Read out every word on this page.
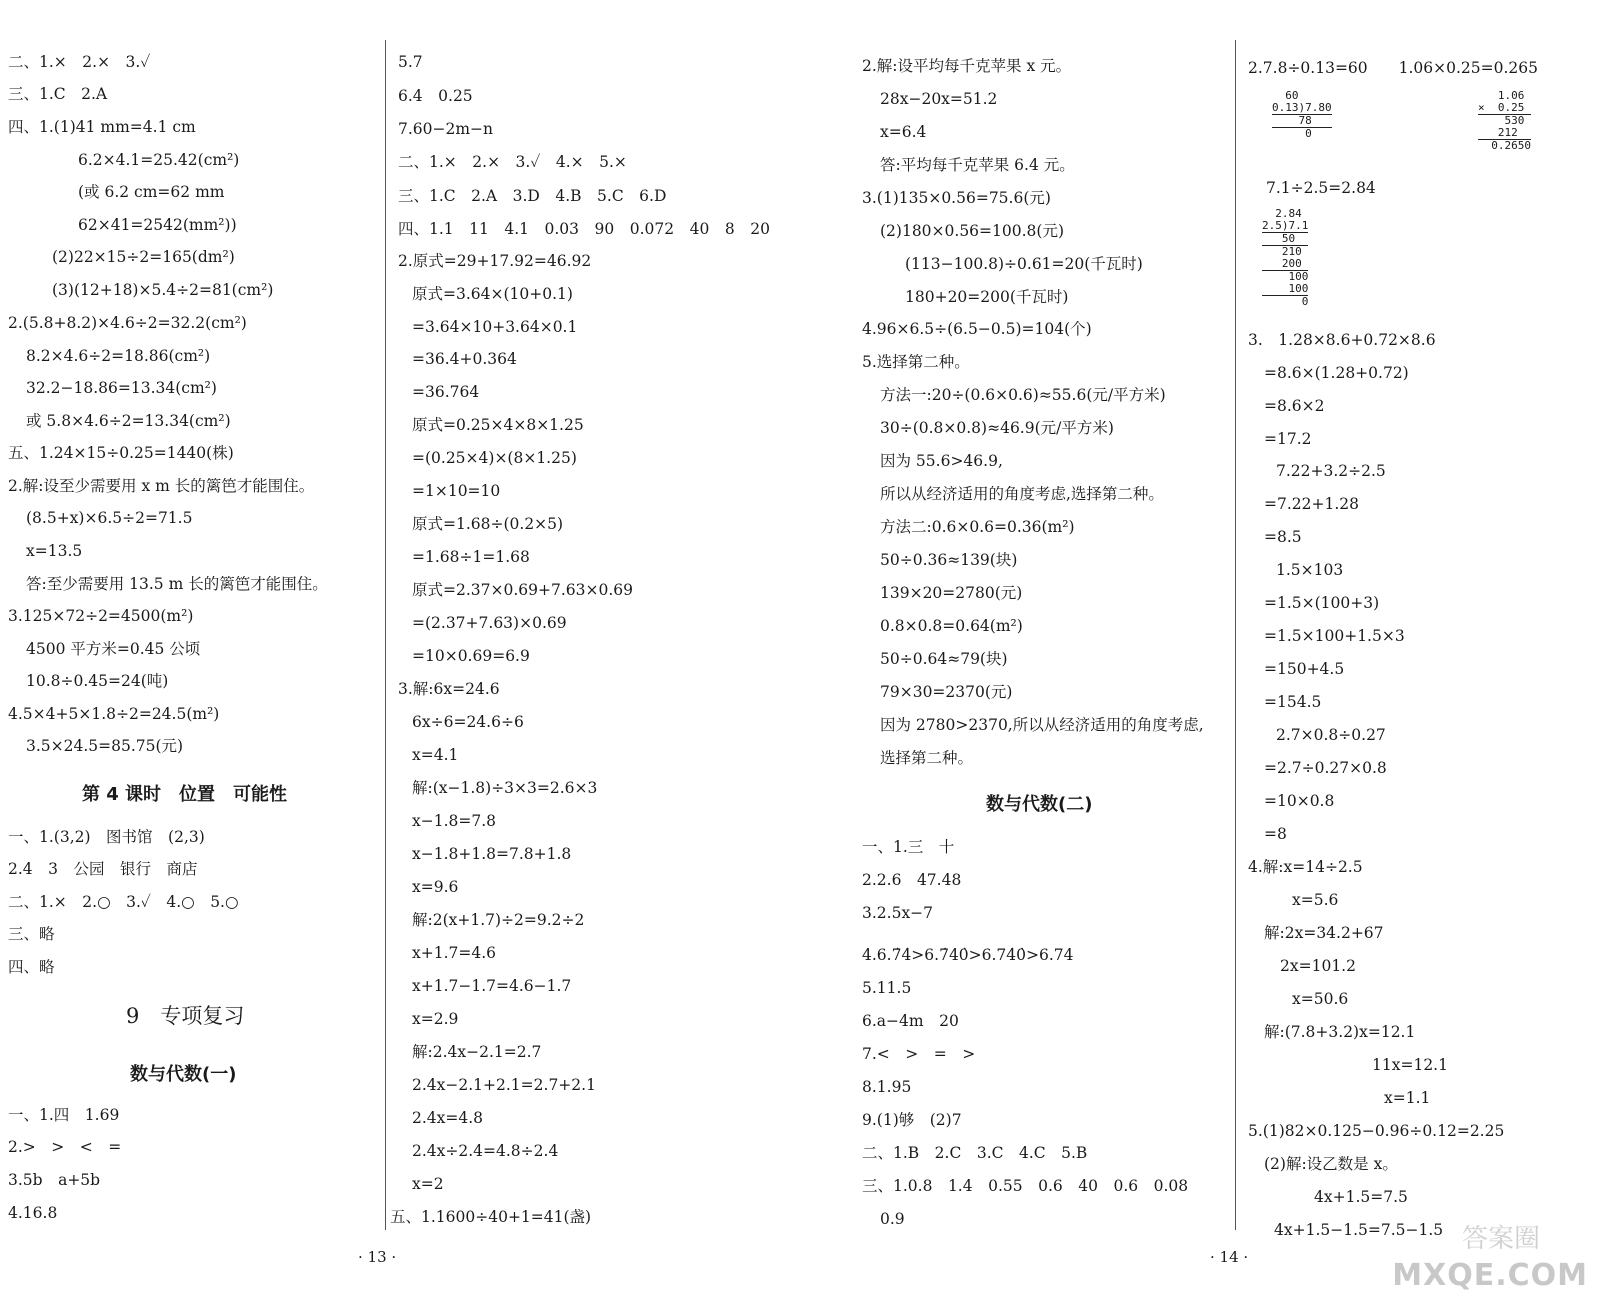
二、1.×　2.×　3.✓
三、1.C　2.A
四、1.(1)41 mm=4.1 cm
6.2×4.1=25.42(cm²)
(或 6.2 cm=62 mm
62×41=2542(mm²))
(2)22×15÷2=165(dm²)
(3)(12+18)×5.4÷2=81(cm²)
2.(5.8+8.2)×4.6÷2=32.2(cm²)
8.2×4.6÷2=18.86(cm²)
32.2−18.86=13.34(cm²)
或 5.8×4.6÷2=13.34(cm²)
五、1.24×15÷0.25=1440(株)
2.解:设至少需要用 x m 长的篱笆才能围住。
(8.5+x)×6.5÷2=71.5
x=13.5
答:至少需要用 13.5 m 长的篱笆才能围住。
3.125×72÷2=4500(m²)
4500 平方米=0.45 公顷
10.8÷0.45=24(吨)
4.5×4+5×1.8÷2=24.5(m²)
3.5×24.5=85.75(元)
第 4 课时　位置　可能性
一、1.(3,2)　图书馆　(2,3)
2.4　3　公园　银行　商店
二、1.×　2.○　3.✓　4.○　5.○
三、略
四、略
9　专项复习
数与代数(一)
一、1.四　1.69
2.>　>　<　=
3.5b　a+5b
4.16.8
5.7
6.4　0.25
7.60−2m−n
二、1.×　2.×　3.✓　4.×　5.×
三、1.C　2.A　3.D　4.B　5.C　6.D
四、1.1　11　4.1　0.03　90　0.072　40　8　20
2.原式=29+17.92=46.92
原式=3.64×(10+0.1)
=3.64×10+3.64×0.1
=36.4+0.364
=36.764
原式=0.25×4×8×1.25
=(0.25×4)×(8×1.25)
=1×10=10
原式=1.68÷(0.2×5)
=1.68÷1=1.68
原式=2.37×0.69+7.63×0.69
=(2.37+7.63)×0.69
=10×0.69=6.9
3.解:6x=24.6
6x÷6=24.6÷6
x=4.1
解:(x−1.8)÷3×3=2.6×3
x−1.8=7.8
x−1.8+1.8=7.8+1.8
x=9.6
解:2(x+1.7)÷2=9.2÷2
x+1.7=4.6
x+1.7−1.7=4.6−1.7
x=2.9
解:2.4x−2.1=2.7
2.4x−2.1+2.1=2.7+2.1
2.4x=4.8
2.4x÷2.4=4.8÷2.4
x=2
五、1.1600÷40+1=41(盏)
· 13 ·
2.解:设平均每千克苹果 x 元。
28x−20x=51.2
x=6.4
答:平均每千克苹果 6.4 元。
3.(1)135×0.56=75.6(元)
(2)180×0.56=100.8(元)
(113−100.8)÷0.61=20(千瓦时)
180+20=200(千瓦时)
4.96×6.5÷(6.5−0.5)=104(个)
5.选择第二种。
方法一:20÷(0.6×0.6)≈55.6(元/平方米)
30÷(0.8×0.8)≈46.9(元/平方米)
因为 55.6>46.9,
所以从经济适用的角度考虑,选择第二种。
方法二:0.6×0.6=0.36(m²)
50÷0.36≈139(块)
139×20=2780(元)
0.8×0.8=0.64(m²)
50÷0.64≈79(块)
79×30=2370(元)
因为 2780>2370,所以从经济适用的角度考虑,
选择第二种。
数与代数(二)
一、1.三　十
2.2.6　47.48
3.2.5x−7
4.6.7̇4̇>6.7̇40̇>6.74̇0̇>6.74
5.11.5
6.a−4m　20
7.<　>　=　>
8.1.95
9.(1)够　(2)7
二、1.B　2.C　3.C　4.C　5.B
三、1.0.8　1.4　0.55　0.6　40　0.6　0.08
0.9
2.7.8÷0.13=60　　1.06×0.25=0.265
60
0.13)7.80
78
0
1.06
×  0.25
530
212
0.2650
7.1÷2.5=2.84
2.84
2.5)7.1
50
210
200
100
100
0
3.　1.28×8.6+0.72×8.6
=8.6×(1.28+0.72)
=8.6×2
=17.2
7.22+3.2÷2.5
=7.22+1.28
=8.5
1.5×103
=1.5×(100+3)
=1.5×100+1.5×3
=150+4.5
=154.5
2.7×0.8÷0.27
=2.7÷0.27×0.8
=10×0.8
=8
4.解:x=14÷2.5
x=5.6
解:2x=34.2+67
2x=101.2
x=50.6
解:(7.8+3.2)x=12.1
11x=12.1
x=1.1
5.(1)82×0.125−0.96÷0.12=2.25
(2)解:设乙数是 x。
4x+1.5=7.5
4x+1.5−1.5=7.5−1.5
· 14 ·
答案圈
MXQE.COM
